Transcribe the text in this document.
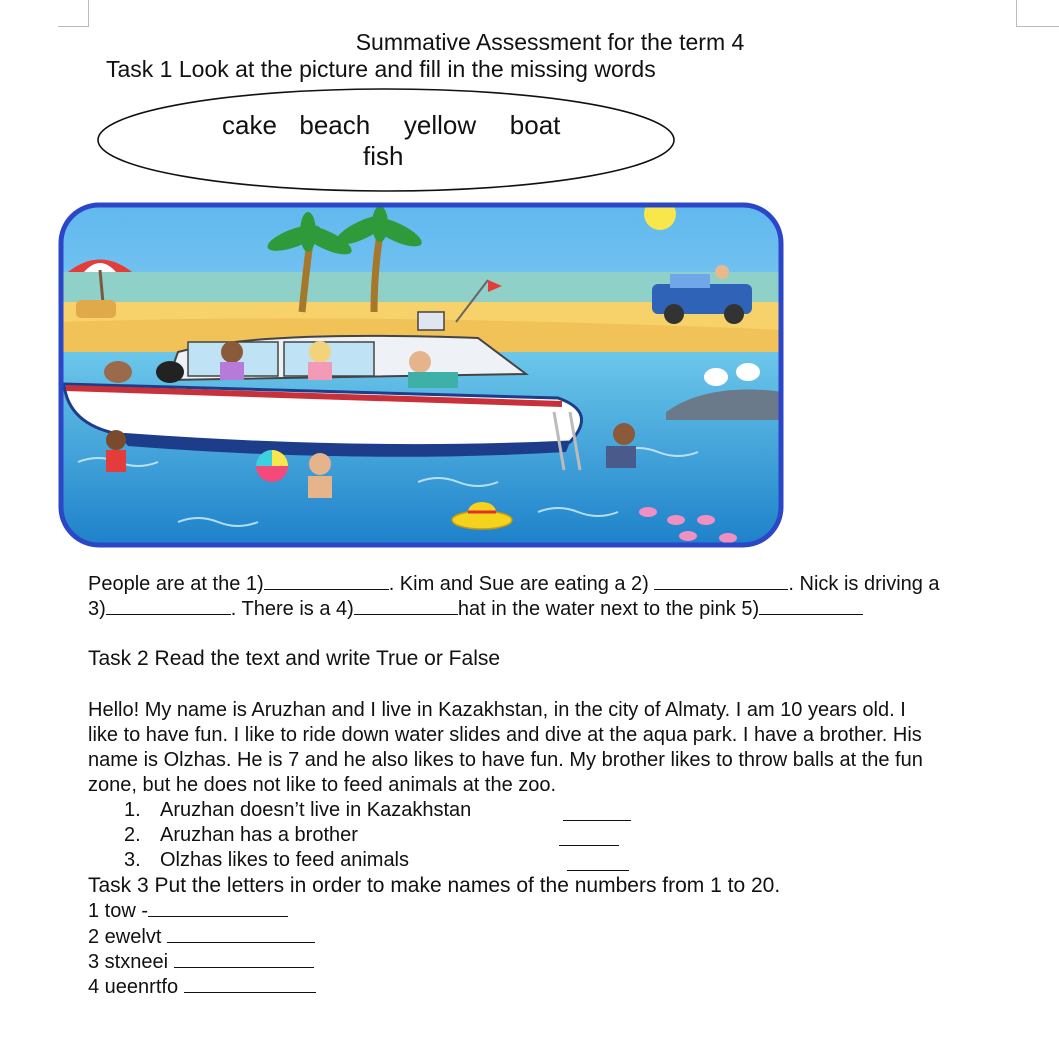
Summative Assessment for the term 4
Task 1 Look at the picture and fill in the missing words
cake  beach   yellow   boat
fish
People are at the 1)	. Kim and Sue are eating a 2)	. Nick is driving a
3)	. There is a 4)	hat in the water next to the pink 5)
Task 2 Read the text and write True or False
Hello! My name is Aruzhan and I live in Kazakhstan, in the city of Almaty. I am 10 years old. I
like to have fun. I like to ride down water slides and dive at the aqua park. I have a brother. His
name is Olzhas. He is 7 and he also likes to have fun. My brother likes to throw balls at the fun
zone, but he does not like to feed animals at the zoo.
1. Aruzhan doesn’t live in Kazakhstan
2. Aruzhan has a brother
3. Olzhas likes to feed animals
Task 3 Put the letters in order to make names of the numbers from 1 to 20.
1 tow -
2 ewelvt
3 stxneei
4 ueenrtfo
